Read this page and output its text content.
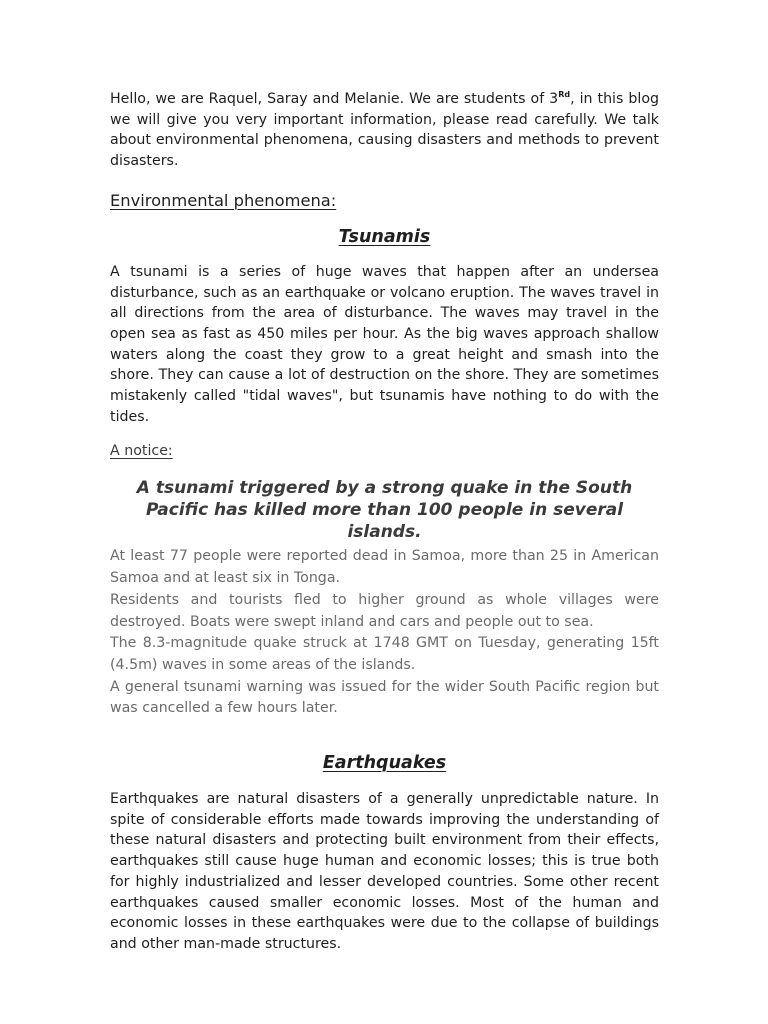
Hello, we are Raquel, Saray and Melanie. We are students of 3Rd, in this blog we will give you very important information, please read carefully. We talk about environmental phenomena, causing disasters and methods to prevent disasters.

Environmental phenomena:

Tsunamis

A tsunami is a series of huge waves that happen after an undersea disturbance, such as an earthquake or volcano eruption. The waves travel in all directions from the area of disturbance. The waves may travel in the open sea as fast as 450 miles per hour. As the big waves approach shallow waters along the coast they grow to a great height and smash into the shore. They can cause a lot of destruction on the shore. They are sometimes mistakenly called "tidal waves", but tsunamis have nothing to do with the tides.

A notice:

A tsunami triggered by a strong quake in the South Pacific has killed more than 100 people in several islands.

At least 77 people were reported dead in Samoa, more than 25 in American Samoa and at least six in Tonga.

Residents and tourists fled to higher ground as whole villages were destroyed. Boats were swept inland and cars and people out to sea.

The 8.3-magnitude quake struck at 1748 GMT on Tuesday, generating 15ft (4.5m) waves in some areas of the islands.

A general tsunami warning was issued for the wider South Pacific region but was cancelled a few hours later.

Earthquakes

Earthquakes are natural disasters of a generally unpredictable nature. In spite of considerable efforts made towards improving the understanding of these natural disasters and protecting built environment from their effects, earthquakes still cause huge human and economic losses; this is true both for highly industrialized and lesser developed countries. Some other recent earthquakes caused smaller economic losses. Most of the human and economic losses in these earthquakes were due to the collapse of buildings and other man-made structures.
